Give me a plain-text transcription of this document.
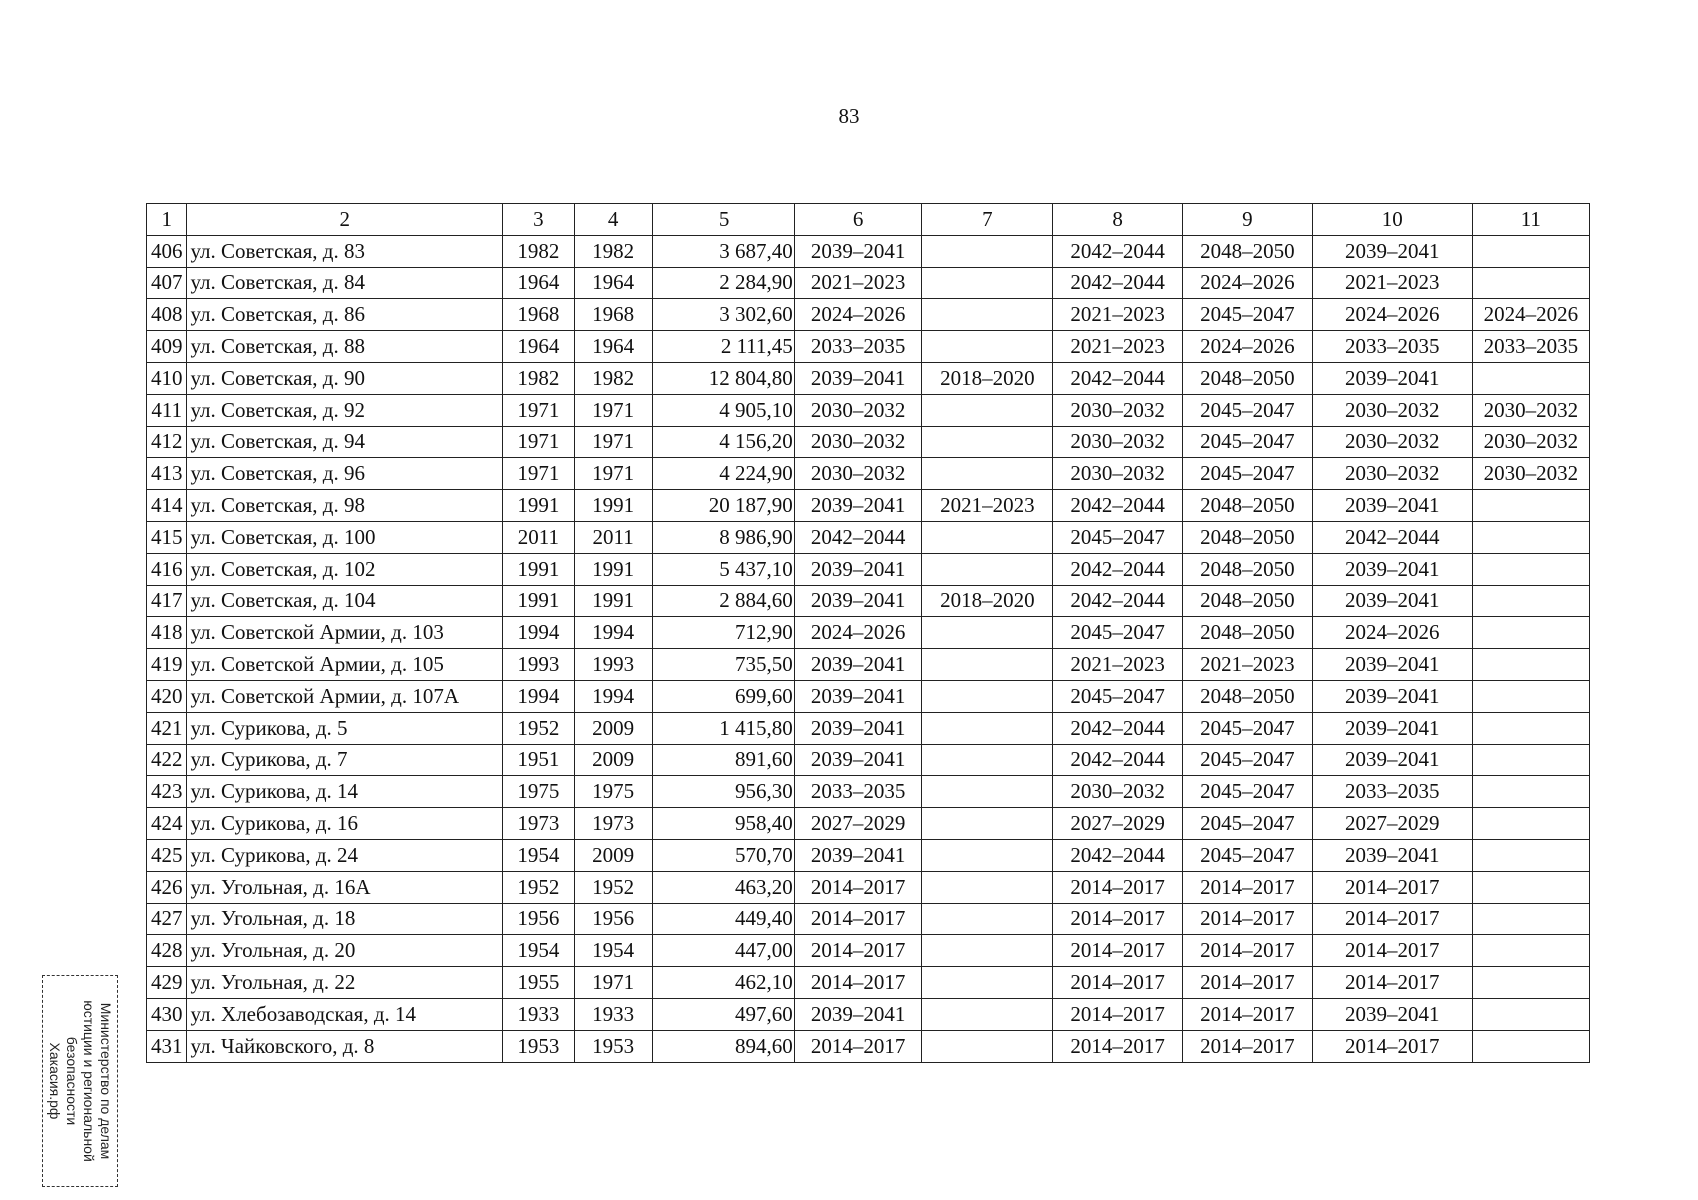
83
1	2	3	4	5	6	7	8	9	10	11
406	ул. Советская, д. 83	1982	1982	3 687,40	2039–2041		2042–2044	2048–2050	2039–2041	
407	ул. Советская, д. 84	1964	1964	2 284,90	2021–2023		2042–2044	2024–2026	2021–2023	
408	ул. Советская, д. 86	1968	1968	3 302,60	2024–2026		2021–2023	2045–2047	2024–2026	2024–2026
409	ул. Советская, д. 88	1964	1964	2 111,45	2033–2035		2021–2023	2024–2026	2033–2035	2033–2035
410	ул. Советская, д. 90	1982	1982	12 804,80	2039–2041	2018–2020	2042–2044	2048–2050	2039–2041	
411	ул. Советская, д. 92	1971	1971	4 905,10	2030–2032		2030–2032	2045–2047	2030–2032	2030–2032
412	ул. Советская, д. 94	1971	1971	4 156,20	2030–2032		2030–2032	2045–2047	2030–2032	2030–2032
413	ул. Советская, д. 96	1971	1971	4 224,90	2030–2032		2030–2032	2045–2047	2030–2032	2030–2032
414	ул. Советская, д. 98	1991	1991	20 187,90	2039–2041	2021–2023	2042–2044	2048–2050	2039–2041	
415	ул. Советская, д. 100	2011	2011	8 986,90	2042–2044		2045–2047	2048–2050	2042–2044	
416	ул. Советская, д. 102	1991	1991	5 437,10	2039–2041		2042–2044	2048–2050	2039–2041	
417	ул. Советская, д. 104	1991	1991	2 884,60	2039–2041	2018–2020	2042–2044	2048–2050	2039–2041	
418	ул. Советской Армии, д. 103	1994	1994	712,90	2024–2026		2045–2047	2048–2050	2024–2026	
419	ул. Советской Армии, д. 105	1993	1993	735,50	2039–2041		2021–2023	2021–2023	2039–2041	
420	ул. Советской Армии, д. 107А	1994	1994	699,60	2039–2041		2045–2047	2048–2050	2039–2041	
421	ул. Сурикова, д. 5	1952	2009	1 415,80	2039–2041		2042–2044	2045–2047	2039–2041	
422	ул. Сурикова, д. 7	1951	2009	891,60	2039–2041		2042–2044	2045–2047	2039–2041	
423	ул. Сурикова, д. 14	1975	1975	956,30	2033–2035		2030–2032	2045–2047	2033–2035	
424	ул. Сурикова, д. 16	1973	1973	958,40	2027–2029		2027–2029	2045–2047	2027–2029	
425	ул. Сурикова, д. 24	1954	2009	570,70	2039–2041		2042–2044	2045–2047	2039–2041	
426	ул. Угольная, д. 16А	1952	1952	463,20	2014–2017		2014–2017	2014–2017	2014–2017	
427	ул. Угольная, д. 18	1956	1956	449,40	2014–2017		2014–2017	2014–2017	2014–2017	
428	ул. Угольная, д. 20	1954	1954	447,00	2014–2017		2014–2017	2014–2017	2014–2017	
429	ул. Угольная, д. 22	1955	1971	462,10	2014–2017		2014–2017	2014–2017	2014–2017	
430	ул. Хлебозаводская, д. 14	1933	1933	497,60	2039–2041		2014–2017	2014–2017	2039–2041	
431	ул. Чайковского, д. 8	1953	1953	894,60	2014–2017		2014–2017	2014–2017	2014–2017	
Министерство по делам
юстиции и региональной
безопасности
Хакасия.рф
